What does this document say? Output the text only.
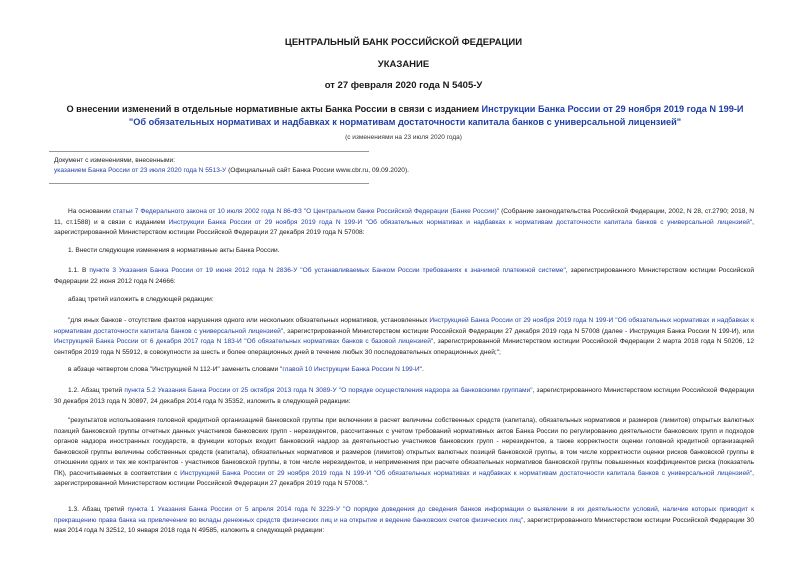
ЦЕНТРАЛЬНЫЙ БАНК РОССИЙСКОЙ ФЕДЕРАЦИИ
УКАЗАНИЕ
от 27 февраля 2020 года N 5405-У
О внесении изменений в отдельные нормативные акты Банка России в связи с изданием Инструкции Банка России от 29 ноября 2019 года N 199-И "Об обязательных нормативах и надбавках к нормативам достаточности капитала банков с универсальной лицензией"
(с изменениями на 23 июля 2020 года)
Документ с изменениями, внесенными:
указанием Банка России от 23 июля 2020 года N 5513-У (Официальный сайт Банка России www.cbr.ru, 09.09.2020).
На основании статьи 7 Федерального закона от 10 июля 2002 года N 86-ФЗ "О Центральном банке Российской Федерации (Банке России)" (Собрание законодательства Российской Федерации, 2002, N 28, ст.2790; 2018, N 11, ст.1588) и в связи с изданием Инструкции Банка России от 29 ноября 2019 года N 199-И "Об обязательных нормативах и надбавках к нормативам достаточности капитала банков с универсальной лицензией", зарегистрированной Министерством юстиции Российской Федерации 27 декабря 2019 года N 57008:
1. Внести следующие изменения в нормативные акты Банка России.
1.1. В пункте 3 Указания Банка России от 19 июня 2012 года N 2836-У "Об устанавливаемых Банком России требованиях к значимой платежной системе", зарегистрированного Министерством юстиции Российской Федерации 22 июня 2012 года N 24666:
абзац третий изложить в следующей редакции:
"для иных банков - отсутствие фактов нарушения одного или нескольких обязательных нормативов, установленных Инструкцией Банка России от 29 ноября 2019 года N 199-И "Об обязательных нормативах и надбавках к нормативам достаточности капитала банков с универсальной лицензией", зарегистрированной Министерством юстиции Российской Федерации 27 декабря 2019 года N 57008 (далее - Инструкция Банка России N 199-И), или Инструкцией Банка России от 6 декабря 2017 года N 183-И "Об обязательных нормативах банков с базовой лицензией", зарегистрированной Министерством юстиции Российской Федерации 2 марта 2018 года N 50206, 12 сентября 2019 года N 55912, в совокупности за шесть и более операционных дней в течение любых 30 последовательных операционных дней;";
в абзаце четвертом слова "Инструкцией N 112-И" заменить словами "главой 10 Инструкции Банка России N 199-И".
1.2. Абзац третий пункта 5.2 Указания Банка России от 25 октября 2013 года N 3089-У "О порядке осуществления надзора за банковскими группами", зарегистрированного Министерством юстиции Российской Федерации 30 декабря 2013 года N 30897, 24 декабря 2014 года N 35352, изложить в следующей редакции:
"результатов использования головной кредитной организацией банковской группы при включении в расчет величины собственных средств (капитала), обязательных нормативов и размеров (лимитов) открытых валютных позиций банковской группы отчетных данных участников банковских групп - нерезидентов, рассчитанных с учетом требований нормативных актов Банка России по регулированию деятельности банковских групп и подходов органов надзора иностранных государств, в функции которых входит банковский надзор за деятельностью участников банковских групп - нерезидентов, а также корректности оценки головной кредитной организацией банковской группы величины собственных средств (капитала), обязательных нормативов и размеров (лимитов) открытых валютных позиций банковской группы, в том числе корректности оценки рисков банковской группы в отношении одних и тех же контрагентов - участников банковской группы, в том числе нерезидентов, и неприменения при расчете обязательных нормативов банковской группы повышенных коэффициентов риска (показатель ПК), рассчитываемых в соответствии с Инструкцией Банка России от 29 ноября 2019 года N 199-И "Об обязательных нормативах и надбавках к нормативам достаточности капитала банков с универсальной лицензией", зарегистрированной Министерством юстиции Российской Федерации 27 декабря 2019 года N 57008.".
1.3. Абзац третий пункта 1 Указания Банка России от 5 апреля 2014 года N 3229-У "О порядке доведения до сведения банков информации о выявлении в их деятельности условий, наличие которых приводит к прекращению права банка на привлечение во вклады денежных средств физических лиц и на открытие и ведение банковских счетов физических лиц", зарегистрированного Министерством юстиции Российской Федерации 30 мая 2014 года N 32512, 10 января 2018 года N 49585, изложить в следующей редакции:
